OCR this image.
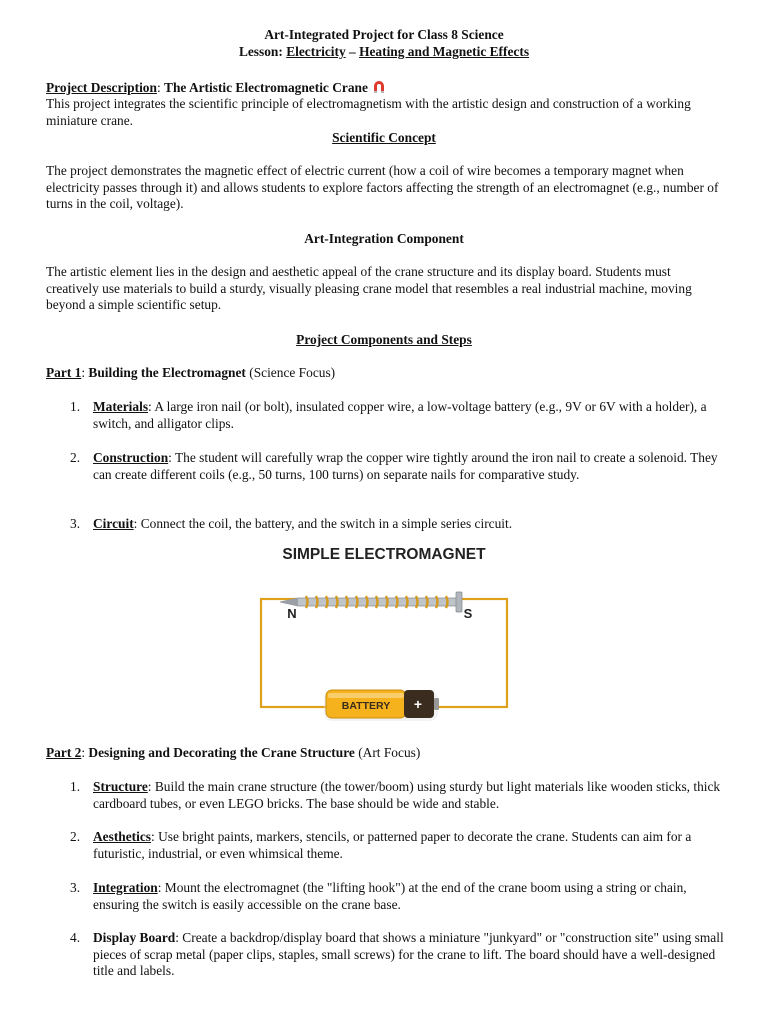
Art-Integrated Project for Class 8 Science
Lesson: Electricity – Heating and Magnetic Effects
Project Description: The Artistic Electromagnetic Crane
This project integrates the scientific principle of electromagnetism with the artistic design and construction of a working miniature crane.
Scientific Concept
The project demonstrates the magnetic effect of electric current (how a coil of wire becomes a temporary magnet when electricity passes through it) and allows students to explore factors affecting the strength of an electromagnet (e.g., number of turns in the coil, voltage).
Art-Integration Component
The artistic element lies in the design and aesthetic appeal of the crane structure and its display board. Students must creatively use materials to build a sturdy, visually pleasing crane model that resembles a real industrial machine, moving beyond a simple scientific setup.
Project Components and Steps
Part 1: Building the Electromagnet (Science Focus)
1. Materials: A large iron nail (or bolt), insulated copper wire, a low-voltage battery (e.g., 9V or 6V with a holder), a switch, and alligator clips.
2. Construction: The student will carefully wrap the copper wire tightly around the iron nail to create a solenoid. They can create different coils (e.g., 50 turns, 100 turns) on separate nails for comparative study.
3. Circuit: Connect the coil, the battery, and the switch in a simple series circuit.
SIMPLE ELECTROMAGNET
N	S
BATTERY +
Part 2: Designing and Decorating the Crane Structure (Art Focus)
1. Structure: Build the main crane structure (the tower/boom) using sturdy but light materials like wooden sticks, thick cardboard tubes, or even LEGO bricks. The base should be wide and stable.
2. Aesthetics: Use bright paints, markers, stencils, or patterned paper to decorate the crane. Students can aim for a futuristic, industrial, or even whimsical theme.
3. Integration: Mount the electromagnet (the "lifting hook") at the end of the crane boom using a string or chain, ensuring the switch is easily accessible on the crane base.
4. Display Board: Create a backdrop/display board that shows a miniature "junkyard" or "construction site" using small pieces of scrap metal (paper clips, staples, small screws) for the crane to lift. The board should have a well-designed title and labels.
